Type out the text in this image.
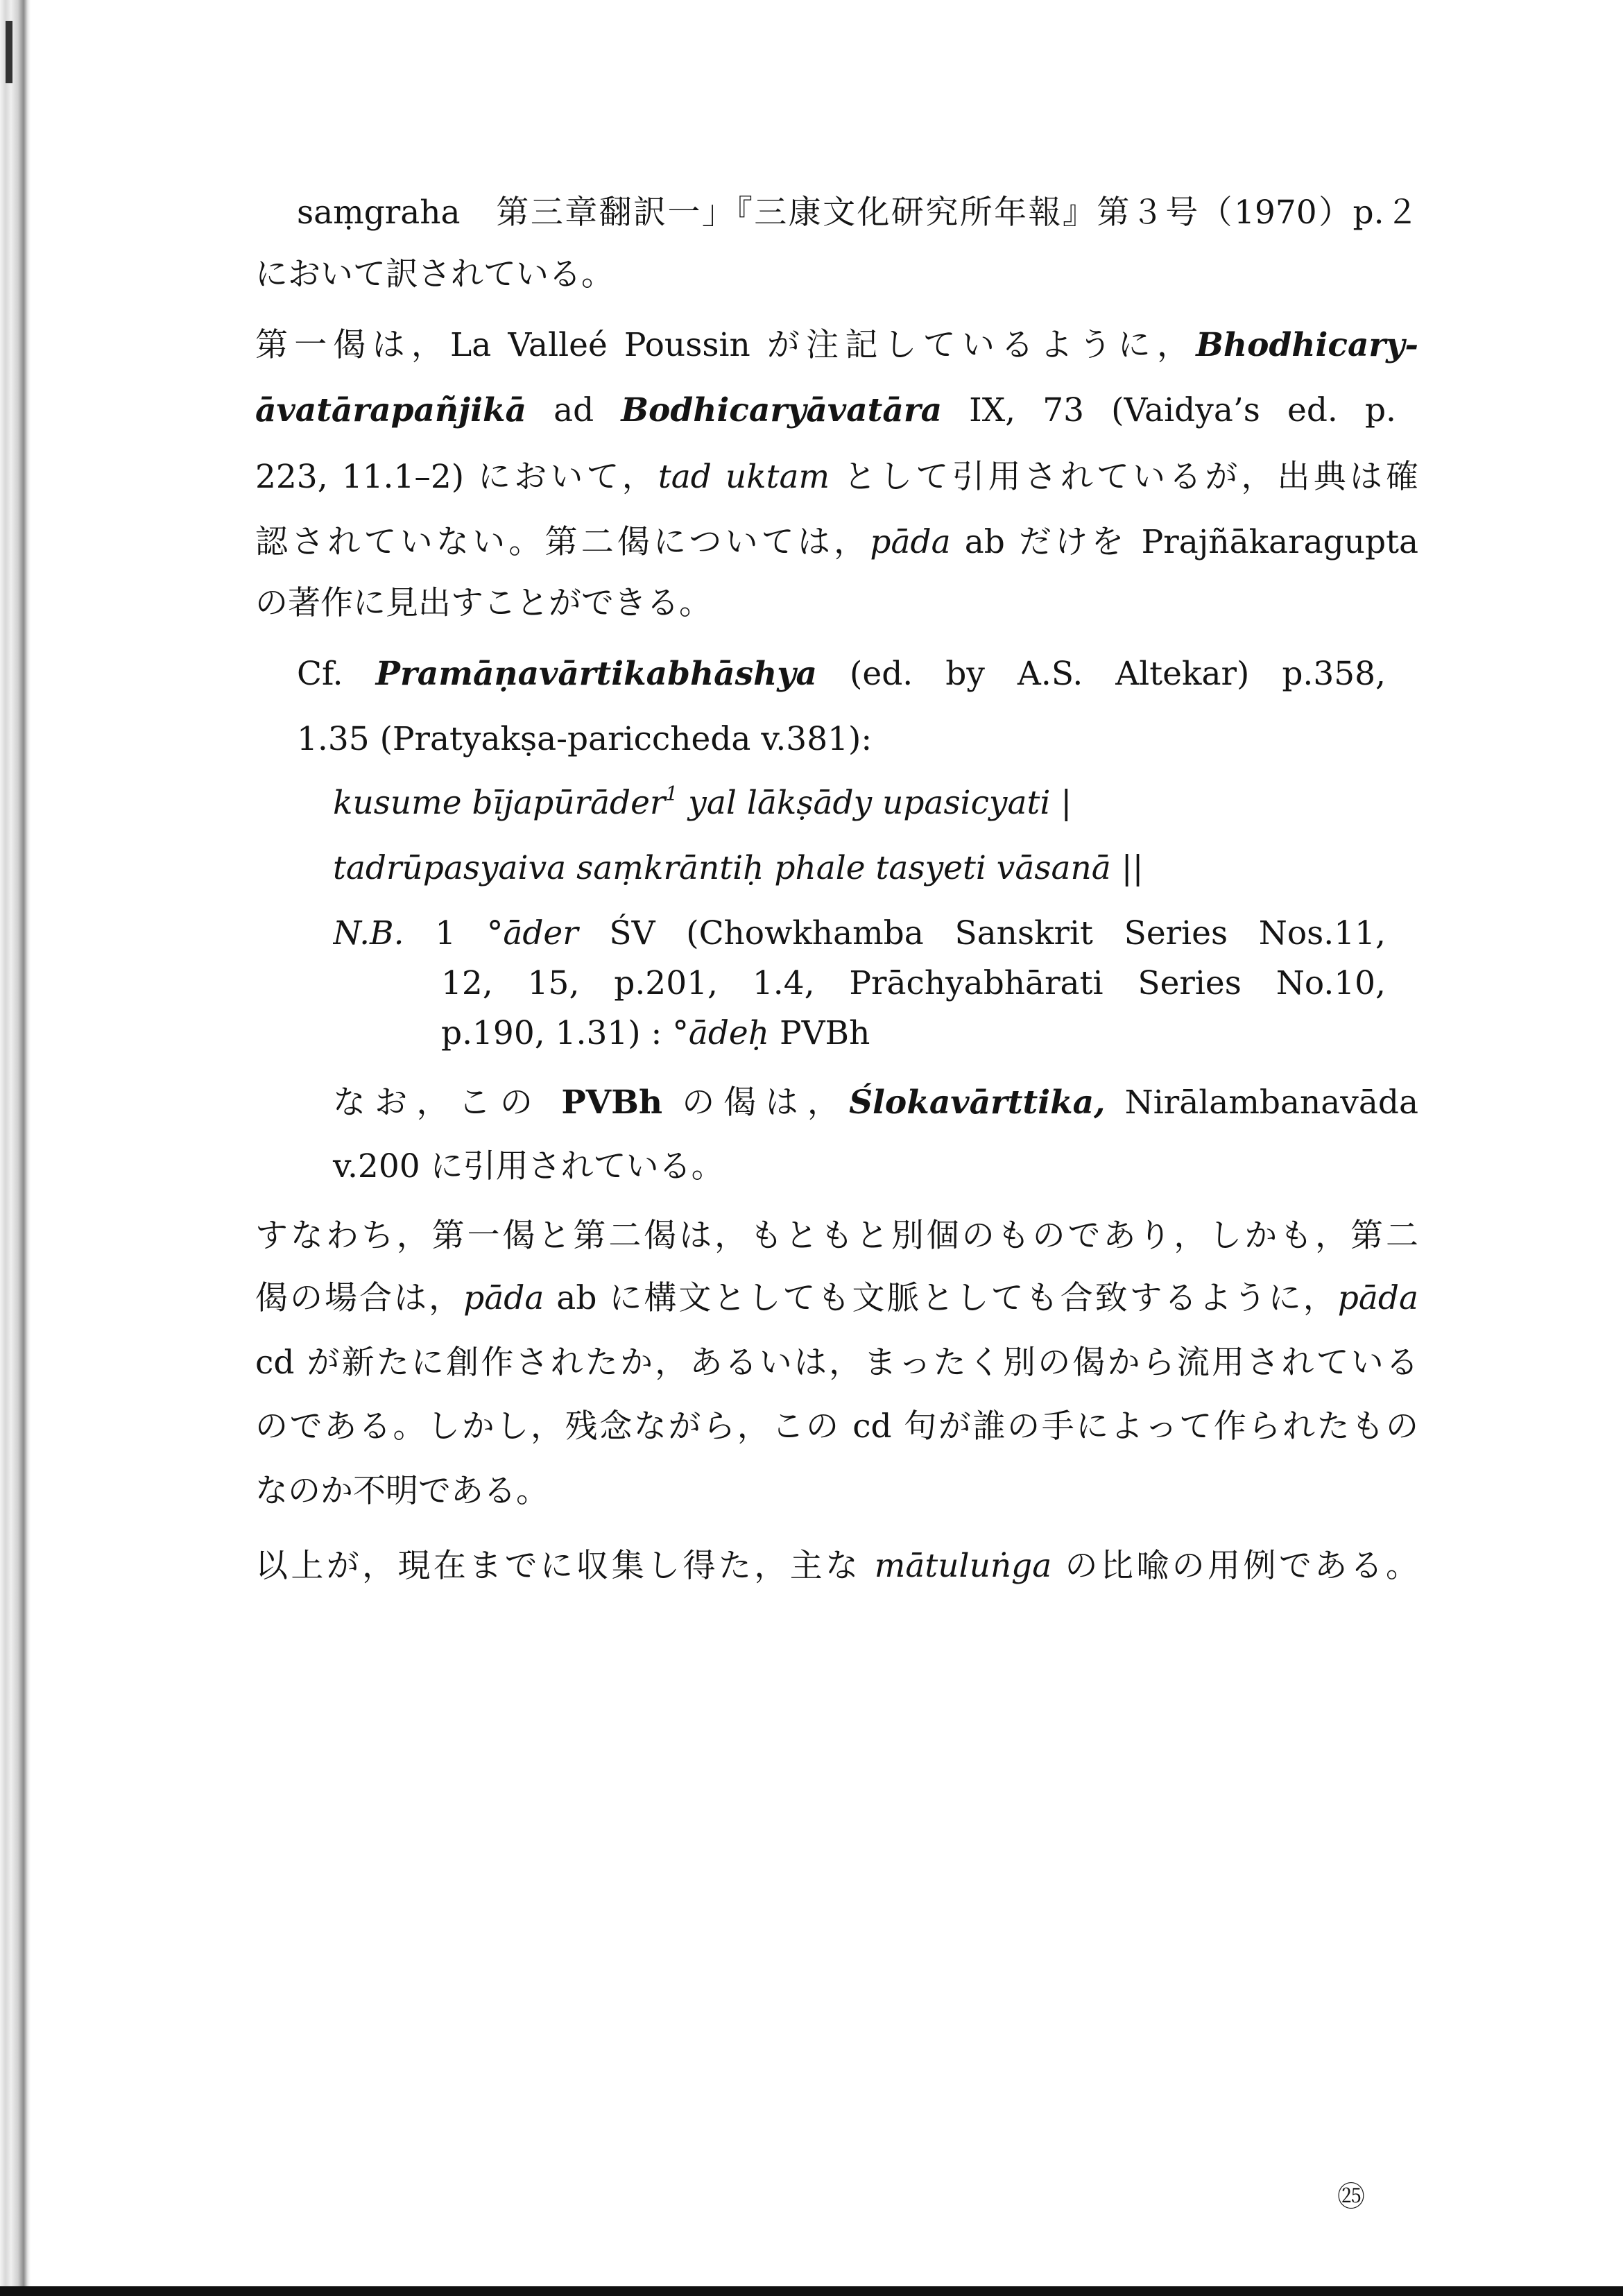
saṃgraha　第三章翻訳一」『三康文化研究所年報』第３号（1970）p.２
において訳されている。
第一偈は，La Valleé Poussin が注記しているように，Bhodhicary-
āvatārapañjikā ad Bodhicaryāvatāra IX, 73 (Vaidya’s ed. p.
223, 11.1–2) において，tad uktam として引用されているが，出典は確
認されていない。第二偈については，pāda ab だけを Prajñākaragupta
の著作に見出すことができる。
Cf. Pramāṇavārtikabhāshya (ed. by A.S. Altekar) p.358,
1.35 (Pratyakṣa-pariccheda v.381):
kusume bījapūrāder$^1$ yal lākṣādy upasicyati |
tadrūpasyaiva saṃkrāntiḥ phale tasyeti vāsanā ||
N.B. 1 °āder ŚV (Chowkhamba Sanskrit Series Nos.11,
12, 15, p.201, 1.4, Prāchyabhārati Series No.10,
p.190, 1.31) : °ādeḥ PVBh
なお，この PVBh の偈は，Ślokavārttika, Nirālambanavāda
v.200 に引用されている。
すなわち，第一偈と第二偈は，もともと別個のものであり，しかも，第二
偈の場合は，pāda ab に構文としても文脈としても合致するように，pāda
cd が新たに創作されたか，あるいは，まったく別の偈から流用されている
のである。しかし，残念ながら，この cd 句が誰の手によって作られたもの
なのか不明である。
以上が，現在までに収集し得た，主な mātuluṅga の比喩の用例である。
㉕
